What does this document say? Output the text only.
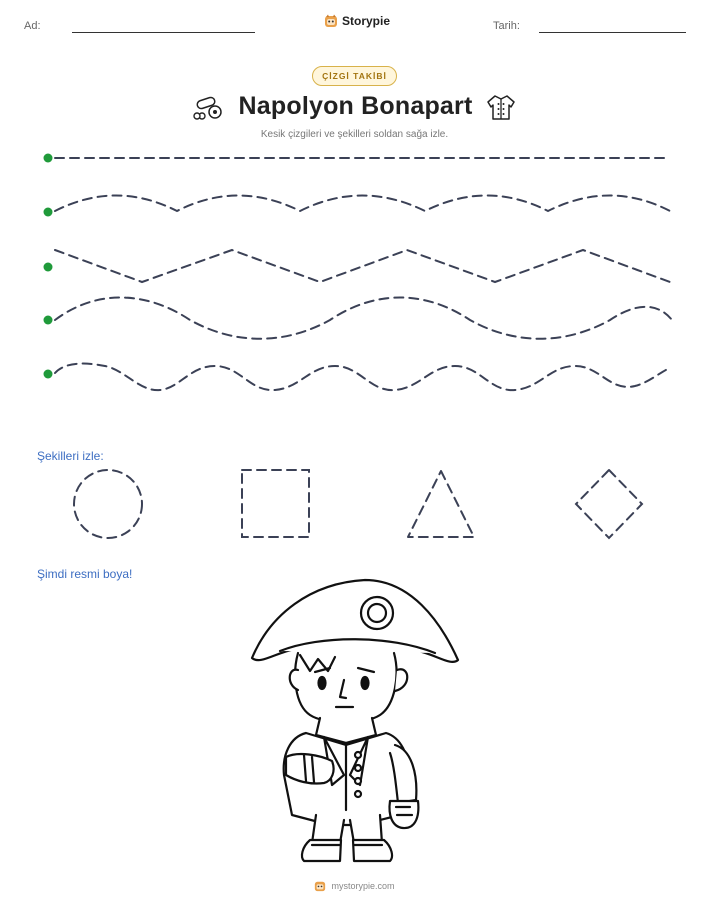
Ad:	Storypie	Tarih:
ÇİZGİ TAKİBİ
Napolyon Bonapart
Kesik çizgileri ve şekilleri soldan sağa izle.
Şekilleri izle:
Şimdi resmi boya!
mystorypie.com
